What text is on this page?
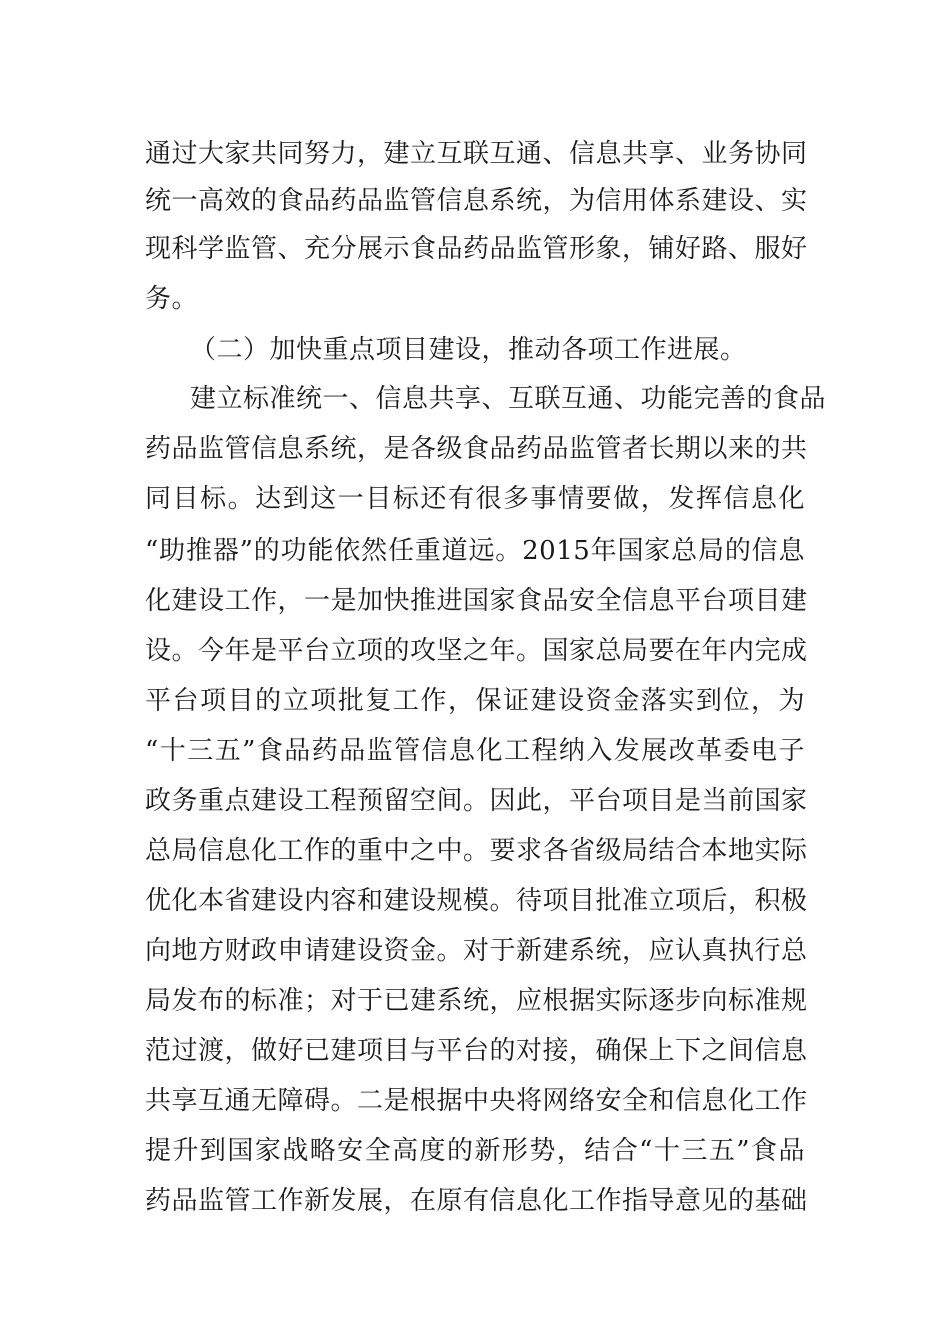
通过大家共同努力，建立互联互通、信息共享、业务协同
统一高效的食品药品监管信息系统，为信用体系建设、实
现科学监管、充分展示食品药品监管形象，铺好路、服好
务。
（二）加快重点项目建设，推动各项工作进展。
建立标准统一、信息共享、互联互通、功能完善的食品
药品监管信息系统，是各级食品药品监管者长期以来的共
同目标。达到这一目标还有很多事情要做，发挥信息化
“助推器”的功能依然任重道远。2015年国家总局的信息
化建设工作，一是加快推进国家食品安全信息平台项目建
设。今年是平台立项的攻坚之年。国家总局要在年内完成
平台项目的立项批复工作，保证建设资金落实到位，为
“十三五”食品药品监管信息化工程纳入发展改革委电子
政务重点建设工程预留空间。因此，平台项目是当前国家
总局信息化工作的重中之中。要求各省级局结合本地实际
优化本省建设内容和建设规模。待项目批准立项后，积极
向地方财政申请建设资金。对于新建系统，应认真执行总
局发布的标准；对于已建系统，应根据实际逐步向标准规
范过渡，做好已建项目与平台的对接，确保上下之间信息
共享互通无障碍。二是根据中央将网络安全和信息化工作
提升到国家战略安全高度的新形势，结合“十三五”食品
药品监管工作新发展，在原有信息化工作指导意见的基础
